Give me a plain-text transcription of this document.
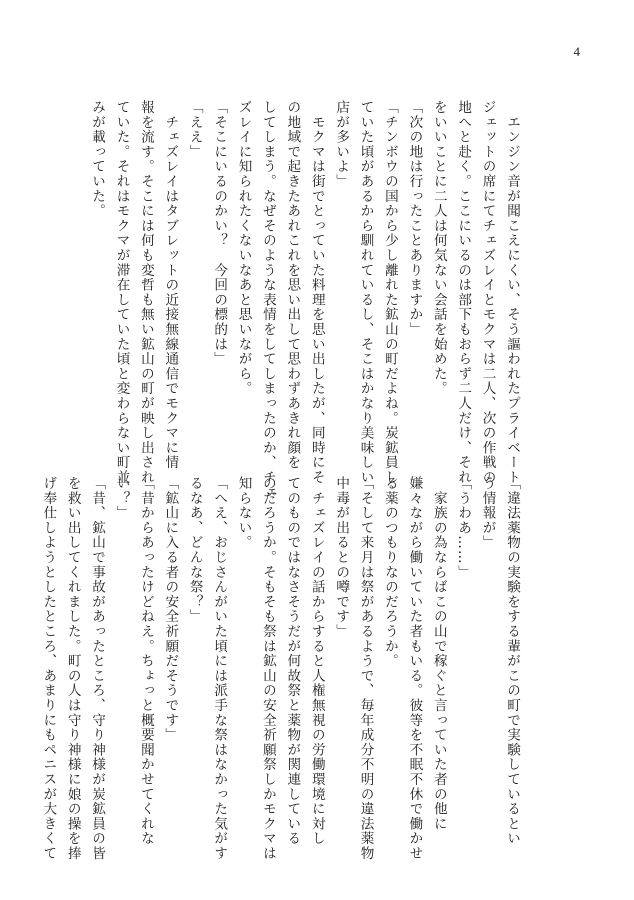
4
　エンジン音が聞こえにくい、そう謳われたプライベート
ジェットの席にてチェズレイとモクマは二人、次の作戦の
地へと赴く。ここにいるのは部下もおらず二人だけ、それ
をいいことに二人は何気ない会話を始めた。
「次の地は行ったことありますか」
「チンボウの国から少し離れた鉱山の町だよね。炭鉱員し
ていた頃があるから馴れているし、そこはかなり美味しい
店が多いよ」
　モクマは街でとっていた料理を思い出したが、同時にそ
の地域で起きたあれこれを思い出して思わずあきれ顔を
してしまう。なぜそのような表情をしてしまったのか、チェ
ズレイに知られたくないなあと思いながら。
「そこにいるのかい？　今回の標的は」
「ええ」
　チェズレイはタブレットの近接無線通信でモクマに情
報を流す。そこには何も変哲も無い鉱山の町が映し出され
ていた。それはモクマが滞在していた頃と変わらない町並
みが載っていた。
「違法薬物の実験をする輩がこの町で実験しているとい
う情報が」
「うわあ……」
　家族の為ならばこの山で稼ぐと言っていた者の他に
嫌々ながら働いていた者もいる。彼等を不眠不休で働かせ
る薬のつもりなのだろうか。
「そして来月は祭があるようで、毎年成分不明の違法薬物
中毒が出るとの噂です」
　チェズレイの話からすると人権無視の労働環境に対し
てのものではなさそうだが何故祭と薬物が関連している
のだろうか。そもそも祭は鉱山の安全祈願祭しかモクマは
知らない。
「へえ、おじさんがいた頃には派手な祭はなかった気がす
るなあ、どんな祭？」
「鉱山に入る者の安全祈願だそうです」
「昔からあったけどねえ。ちょっと概要聞かせてくれな
い？」
「昔、鉱山で事故があったところ、守り神様が炭鉱員の皆
を救い出してくれました。町の人は守り神様に娘の操を捧
げ奉仕しようとしたところ、あまりにもペニスが大きくて
